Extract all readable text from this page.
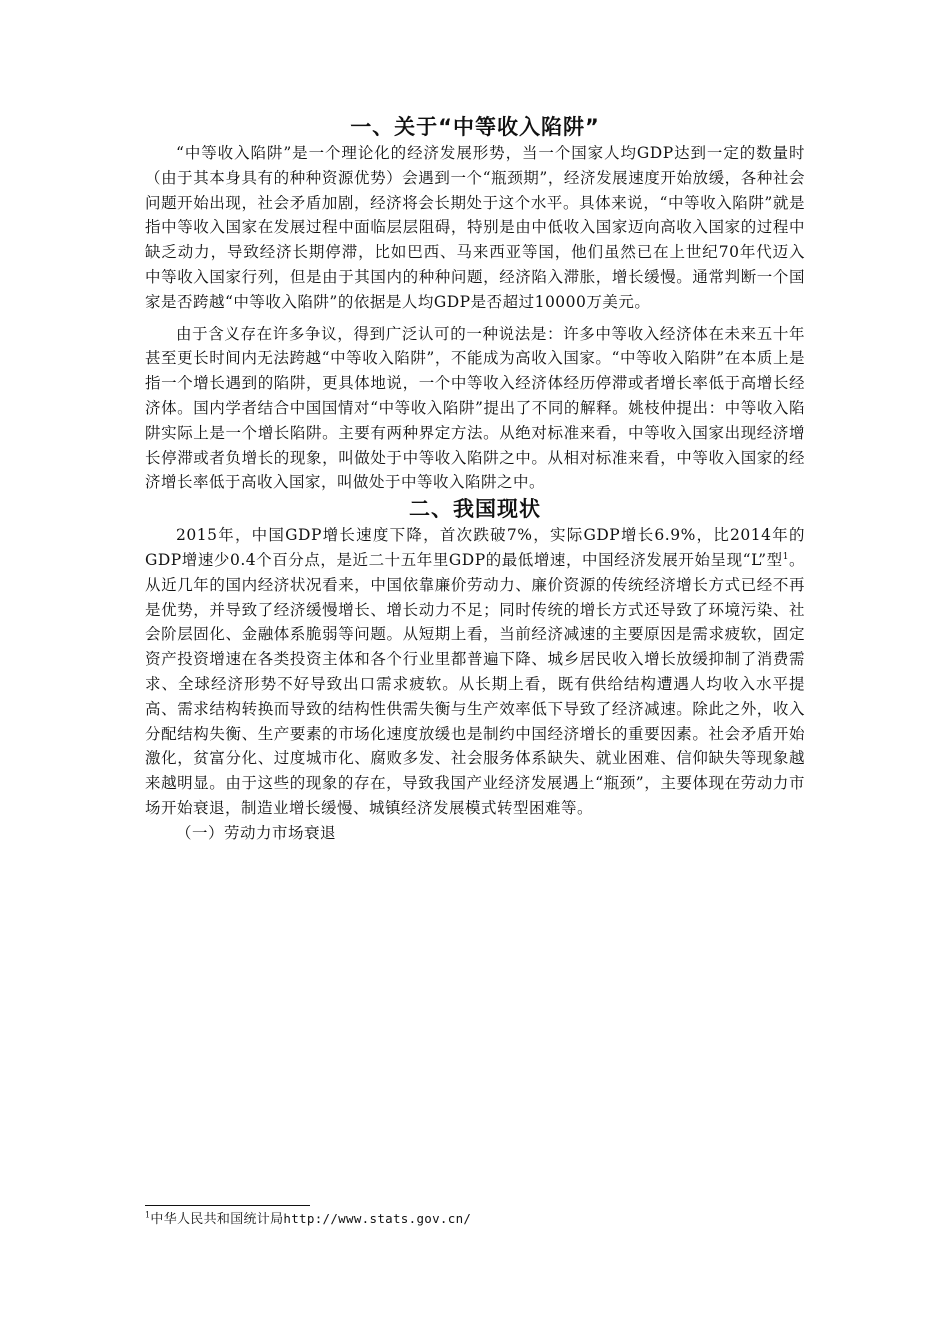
一、关于“中等收入陷阱”

“中等收入陷阱”是一个理论化的经济发展形势，当一个国家人均GDP达到一定的数量时（由于其本身具有的种种资源优势）会遇到一个“瓶颈期”，经济发展速度开始放缓，各种社会问题开始出现，社会矛盾加剧，经济将会长期处于这个水平。具体来说，“中等收入陷阱”就是指中等收入国家在发展过程中面临层层阻碍，特别是由中低收入国家迈向高收入国家的过程中缺乏动力，导致经济长期停滞，比如巴西、马来西亚等国，他们虽然已在上世纪70年代迈入中等收入国家行列，但是由于其国内的种种问题，经济陷入滞胀，增长缓慢。通常判断一个国家是否跨越“中等收入陷阱”的依据是人均GDP是否超过10000万美元。

由于含义存在许多争议，得到广泛认可的一种说法是：许多中等收入经济体在未来五十年甚至更长时间内无法跨越“中等收入陷阱”，不能成为高收入国家。“中等收入陷阱”在本质上是指一个增长遇到的陷阱，更具体地说，一个中等收入经济体经历停滞或者增长率低于高增长经济体。国内学者结合中国国情对“中等收入陷阱”提出了不同的解释。姚枝仲提出：中等收入陷阱实际上是一个增长陷阱。主要有两种界定方法。从绝对标准来看，中等收入国家出现经济增长停滞或者负增长的现象，叫做处于中等收入陷阱之中。从相对标准来看，中等收入国家的经济增长率低于高收入国家，叫做处于中等收入陷阱之中。

二、我国现状

2015年，中国GDP增长速度下降，首次跌破7%，实际GDP增长6.9%，比2014年的GDP增速少0.4个百分点，是近二十五年里GDP的最低增速，中国经济发展开始呈现“L”型$^1$。从近几年的国内经济状况看来，中国依靠廉价劳动力、廉价资源的传统经济增长方式已经不再是优势，并导致了经济缓慢增长、增长动力不足；同时传统的增长方式还导致了环境污染、社会阶层固化、金融体系脆弱等问题。从短期上看，当前经济减速的主要原因是需求疲软，固定资产投资增速在各类投资主体和各个行业里都普遍下降、城乡居民收入增长放缓抑制了消费需求、全球经济形势不好导致出口需求疲软。从长期上看，既有供给结构遭遇人均收入水平提高、需求结构转换而导致的结构性供需失衡与生产效率低下导致了经济减速。除此之外，收入分配结构失衡、生产要素的市场化速度放缓也是制约中国经济增长的重要因素。社会矛盾开始激化，贫富分化、过度城市化、腐败多发、社会服务体系缺失、就业困难、信仰缺失等现象越来越明显。由于这些的现象的存在，导致我国产业经济发展遇上“瓶颈”，主要体现在劳动力市场开始衰退，制造业增长缓慢、城镇经济发展模式转型困难等。

（一）劳动力市场衰退

$^1$中华人民共和国统计局http://www.stats.gov.cn/
